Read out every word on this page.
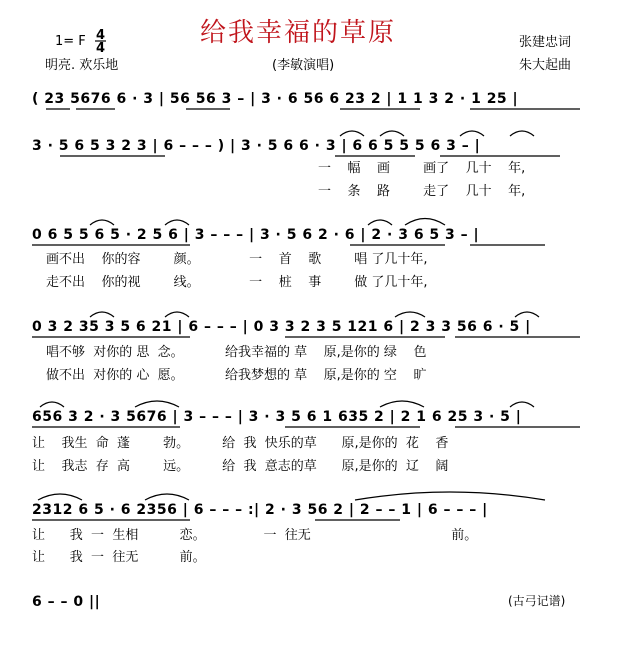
1= F 4
4
给我幸福的草原	张建忠词
明亮. 欢乐地	(李敏演唱)	朱大起曲
( 23 5676 6 · 3 | 56 56 3 – | 3 · 6 56 6 23 2 | 1 1 3 2 · 1 25 |
3 · 5 6 5 3 2 3 | 6 – – – ) | 3 · 5 6 6 · 3 | 6 6 5 5 5 6 3 – |
一    幅    画        画了    几十    年,
一    条    路        走了    几十    年,
0 6 5 5 6 5 · 2 5 6 | 3 – – – | 3 · 5 6 2 · 6 | 2 · 3 6 5 3 – |
画不出    你的容        颜。            一    首    歌        唱 了几十年,
走不出    你的视        线。            一    桩    事        做 了几十年,
0 3 2 35 3 5 6 21 | 6 – – – | 0 3 3 2 3 5 121 6 | 2 3 3 56 6 · 5 |
唱不够  对你的 思  念。          给我幸福的 草    原,是你的 绿    色
做不出  对你的 心  愿。          给我梦想的 草    原,是你的 空    旷
656 3 2 · 3 5676 | 3 – – – | 3 · 3 5 6 1 635 2 | 2 1 6 25 3 · 5 |
让    我生  命  蓬        勃。        给  我  快乐的草      原,是你的  花    香
让    我志  存  高        远。        给  我  意志的草      原,是你的  辽    阔
2312 6 5 · 6 2356 | 6 – – – :| 2 · 3 56 2 | 2 – – 1 | 6 – – – |
让      我  一  生相          恋。              一  往无                                  前。
让      我  一  往无          前。
6 – – 0 ||	(古弓记谱)
